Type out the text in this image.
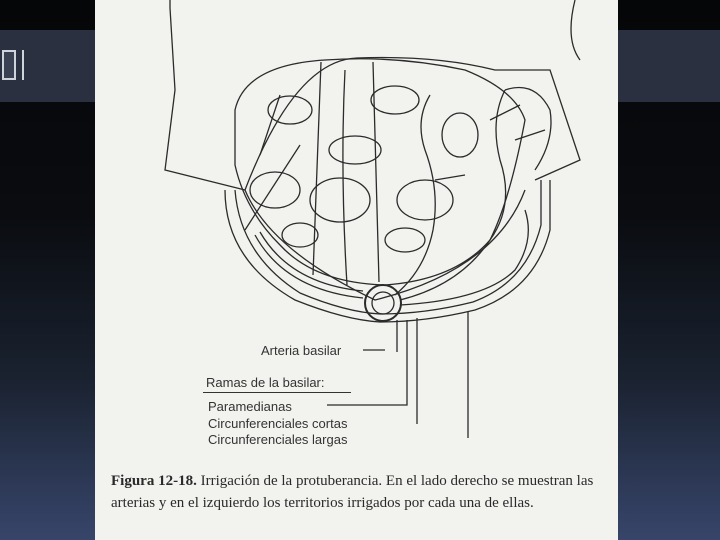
Arteria basilar
Ramas de la basilar:
Paramedianas
Circunferenciales cortas
Circunferenciales largas
Figura 12-18. Irrigación de la protuberancia. En el lado derecho se muestran las arterias y en el izquierdo los territorios irrigados por cada una de ellas.
